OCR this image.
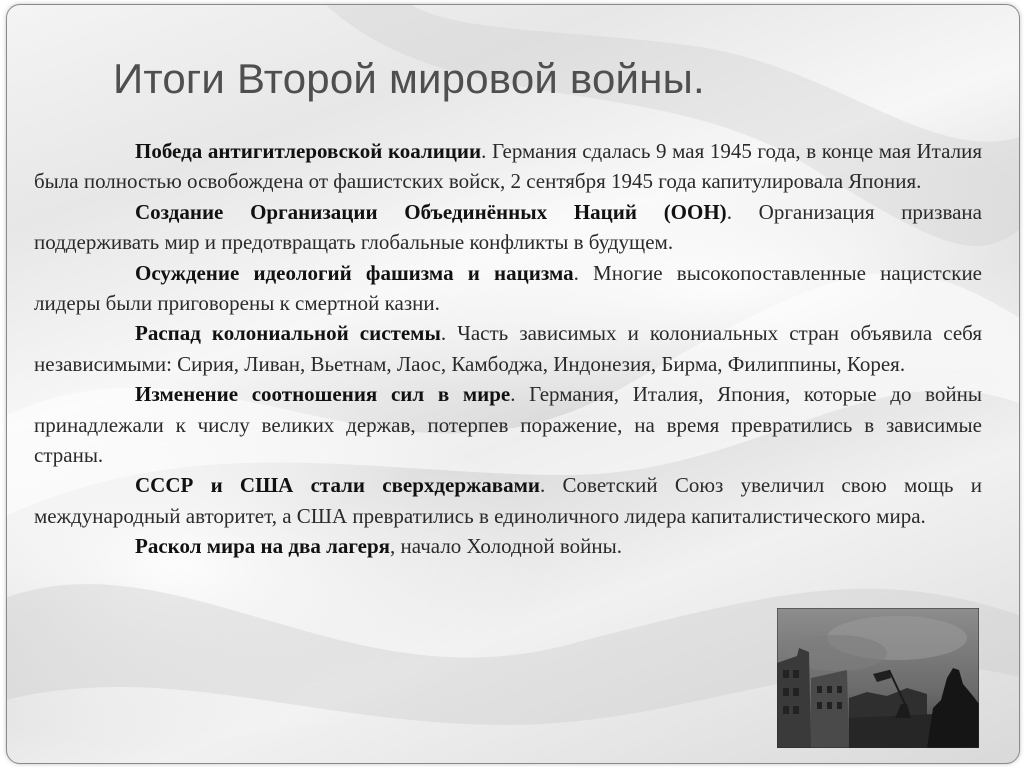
Итоги Второй мировой войны.

Победа антигитлеровской коалиции. Германия сдалась 9 мая 1945 года, в конце мая Италия была полностью освобождена от фашистских войск, 2 сентября 1945 года капитулировала Япония.

Создание Организации Объединённых Наций (ООН). Организация призвана поддерживать мир и предотвращать глобальные конфликты в будущем.

Осуждение идеологий фашизма и нацизма. Многие высокопоставленные нацистские лидеры были приговорены к смертной казни.

Распад колониальной системы. Часть зависимых и колониальных стран объявила себя независимыми: Сирия, Ливан, Вьетнам, Лаос, Камбоджа, Индонезия, Бирма, Филиппины, Корея.

Изменение соотношения сил в мире. Германия, Италия, Япония, которые до войны принадлежали к числу великих держав, потерпев поражение, на время превратились в зависимые страны.

СССР и США стали сверхдержавами. Советский Союз увеличил свою мощь и международный авторитет, а США превратились в единоличного лидера капиталистического мира.

Раскол мира на два лагеря, начало Холодной войны.
